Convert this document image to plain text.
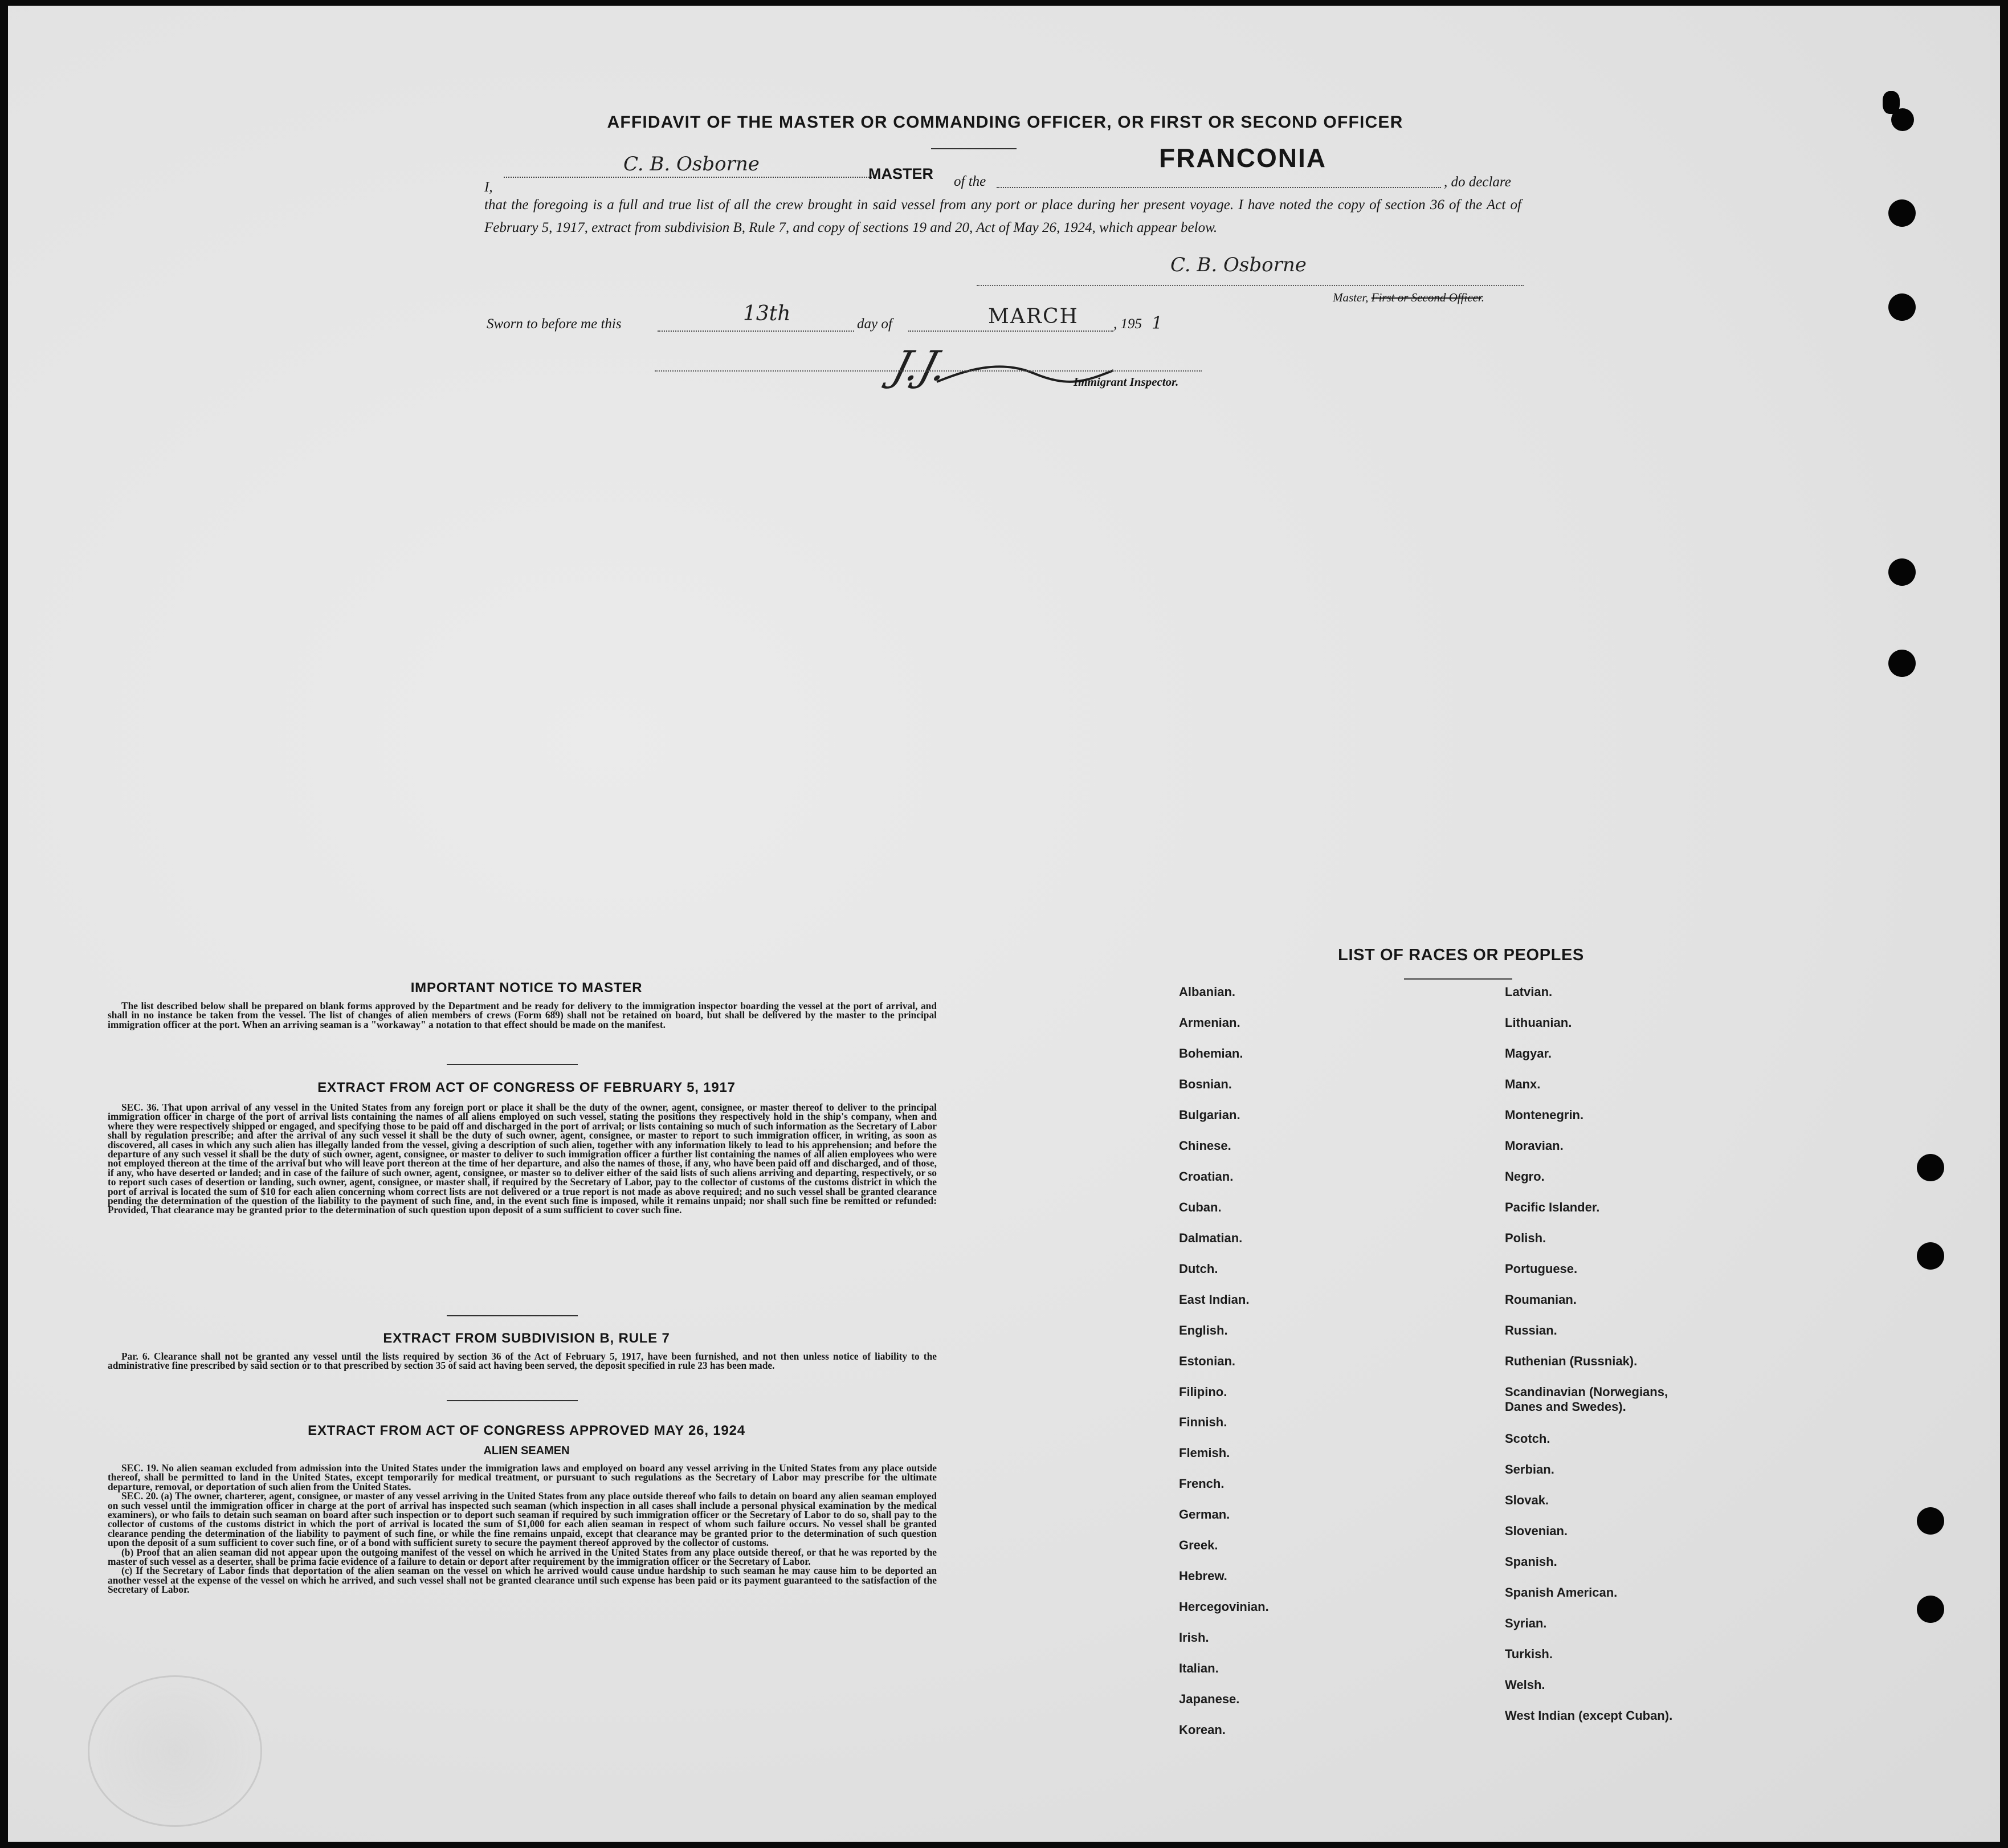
AFFIDAVIT OF THE MASTER OR COMMANDING OFFICER, OR FIRST OR SECOND OFFICER
I,
C. B. Osborne	MASTER of the
FRANCONIA
, do declare
that the foregoing is a full and true list of all the crew brought in said vessel from any port or place during her present voyage. I have noted the copy of section 36 of the Act of February 5, 1917, extract from subdivision B, Rule 7, and copy of sections 19 and 20, Act of May 26, 1924, which appear below.
C. B. Osborne
Master, First or Second Officer.
Sworn to before me this	13th	day of	MARCH , 195 1
J.J.	Immigrant Inspector.
IMPORTANT NOTICE TO MASTER

The list described below shall be prepared on blank forms approved by the Department and be ready for delivery to the immigration inspector boarding the vessel at the port of arrival, and shall in no instance be taken from the vessel. The list of changes of alien members of crews (Form 689) shall not be retained on board, but shall be delivered by the master to the principal immigration officer at the port. When an arriving seaman is a "workaway" a notation to that effect should be made on the manifest.

EXTRACT FROM ACT OF CONGRESS OF FEBRUARY 5, 1917

SEC. 36. That upon arrival of any vessel in the United States from any foreign port or place it shall be the duty of the owner, agent, consignee, or master thereof to deliver to the principal immigration officer in charge of the port of arrival lists containing the names of all aliens employed on such vessel, stating the positions they respectively hold in the ship's company, when and where they were respectively shipped or engaged, and specifying those to be paid off and discharged in the port of arrival; or lists containing so much of such information as the Secretary of Labor shall by regulation prescribe; and after the arrival of any such vessel it shall be the duty of such owner, agent, consignee, or master to report to such immigration officer, in writing, as soon as discovered, all cases in which any such alien has illegally landed from the vessel, giving a description of such alien, together with any information likely to lead to his apprehension; and before the departure of any such vessel it shall be the duty of such owner, agent, consignee, or master to deliver to such immigration officer a further list containing the names of all alien employees who were not employed thereon at the time of the arrival but who will leave port thereon at the time of her departure, and also the names of those, if any, who have been paid off and discharged, and of those, if any, who have deserted or landed; and in case of the failure of such owner, agent, consignee, or master so to deliver either of the said lists of such aliens arriving and departing, respectively, or so to report such cases of desertion or landing, such owner, agent, consignee, or master shall, if required by the Secretary of Labor, pay to the collector of customs of the customs district in which the port of arrival is located the sum of $10 for each alien concerning whom correct lists are not delivered or a true report is not made as above required; and no such vessel shall be granted clearance pending the determination of the question of the liability to the payment of such fine, and, in the event such fine is imposed, while it remains unpaid; nor shall such fine be remitted or refunded: Provided, That clearance may be granted prior to the determination of such question upon deposit of a sum sufficient to cover such fine.

EXTRACT FROM SUBDIVISION B, RULE 7

Par. 6. Clearance shall not be granted any vessel until the lists required by section 36 of the Act of February 5, 1917, have been furnished, and not then unless notice of liability to the administrative fine prescribed by said section or to that prescribed by section 35 of said act having been served, the deposit specified in rule 23 has been made.

EXTRACT FROM ACT OF CONGRESS APPROVED MAY 26, 1924
ALIEN SEAMEN

SEC. 19. No alien seaman excluded from admission into the United States under the immigration laws and employed on board any vessel arriving in the United States from any place outside thereof, shall be permitted to land in the United States, except temporarily for medical treatment, or pursuant to such regulations as the Secretary of Labor may prescribe for the ultimate departure, removal, or deportation of such alien from the United States.

SEC. 20. (a) The owner, charterer, agent, consignee, or master of any vessel arriving in the United States from any place outside thereof who fails to detain on board any alien seaman employed on such vessel until the immigration officer in charge at the port of arrival has inspected such seaman (which inspection in all cases shall include a personal physical examination by the medical examiners), or who fails to detain such seaman on board after such inspection or to deport such seaman if required by such immigration officer or the Secretary of Labor to do so, shall pay to the collector of customs of the customs district in which the port of arrival is located the sum of $1,000 for each alien seaman in respect of whom such failure occurs. No vessel shall be granted clearance pending the determination of the liability to payment of such fine, or while the fine remains unpaid, except that clearance may be granted prior to the determination of such question upon the deposit of a sum sufficient to cover such fine, or of a bond with sufficient surety to secure the payment thereof approved by the collector of customs.

(b) Proof that an alien seaman did not appear upon the outgoing manifest of the vessel on which he arrived in the United States from any place outside thereof, or that he was reported by the master of such vessel as a deserter, shall be prima facie evidence of a failure to detain or deport after requirement by the immigration officer or the Secretary of Labor.

(c) If the Secretary of Labor finds that deportation of the alien seaman on the vessel on which he arrived would cause undue hardship to such seaman he may cause him to be deported an another vessel at the expense of the vessel on which he arrived, and such vessel shall not be granted clearance until such expense has been paid or its payment guaranteed to the satisfaction of the Secretary of Labor.

LIST OF RACES OR PEOPLES
Albanian.
Armenian.
Bohemian.
Bosnian.
Bulgarian.
Chinese.
Croatian.
Cuban.
Dalmatian.
Dutch.
East Indian.
English.
Estonian.
Filipino.
Finnish.
Flemish.
French.
German.
Greek.
Hebrew.
Hercegovinian.
Irish.
Italian.
Japanese.
Korean.
Latvian.
Lithuanian.
Magyar.
Manx.
Montenegrin.
Moravian.
Negro.
Pacific Islander.
Polish.
Portuguese.
Roumanian.
Russian.
Ruthenian (Russniak).
Scandinavian (Norwegians,
Danes and Swedes).
Scotch.
Serbian.
Slovak.
Slovenian.
Spanish.
Spanish American.
Syrian.
Turkish.
Welsh.
West Indian (except Cuban).
